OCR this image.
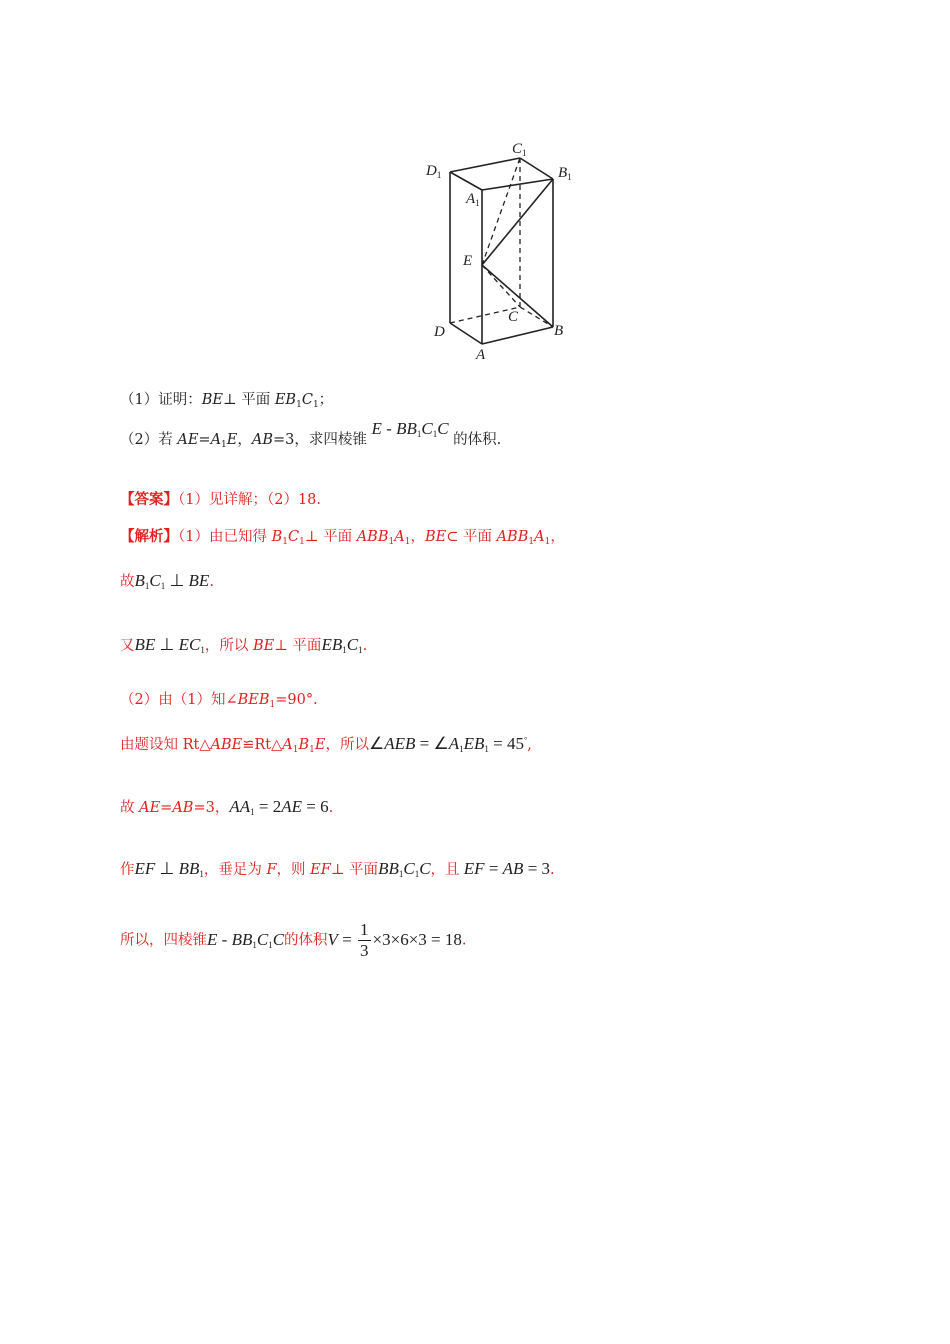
$D_1$
$C_1$
$B_1$
$A_1$
E
D
C
B
A
（1）证明：BE⊥ 平面 $EB_1C_1$；
（2）若 $AE=A_1E$，AB=3，求四棱锥 E - $BB_1C_1C$ 的体积.
【答案】（1）见详解；（2）18.
【解析】（1）由已知得 $B_1C_1\perp$ 平面 $ABB_1A_1$，BE⊂ 平面 $ABB_1A_1$，
故$B_1C_1$ ⊥ BE.
又BE ⊥ $EC_1$，所以 BE⊥ 平面$EB_1C_1$.
（2）由（1）知$\angle BEB_1=90^\circ$.
由题设知 $Rt\triangle ABE≌Rt\triangle A_1B_1E$，所以∠AEB = $\angle A_1EB_1 = 45^\circ$,
故 AE=AB=3，$AA_1 = 2AE = 6$.
作EF ⊥ $BB_1$，垂足为 F，则 EF⊥ 平面$BB_1C_1C$，且 EF = AB = 3.
所以，四棱锥E - $BB_1C_1C$的体积$V = \frac{1}{3} \times 3\times 6\times 3 = 18$.
